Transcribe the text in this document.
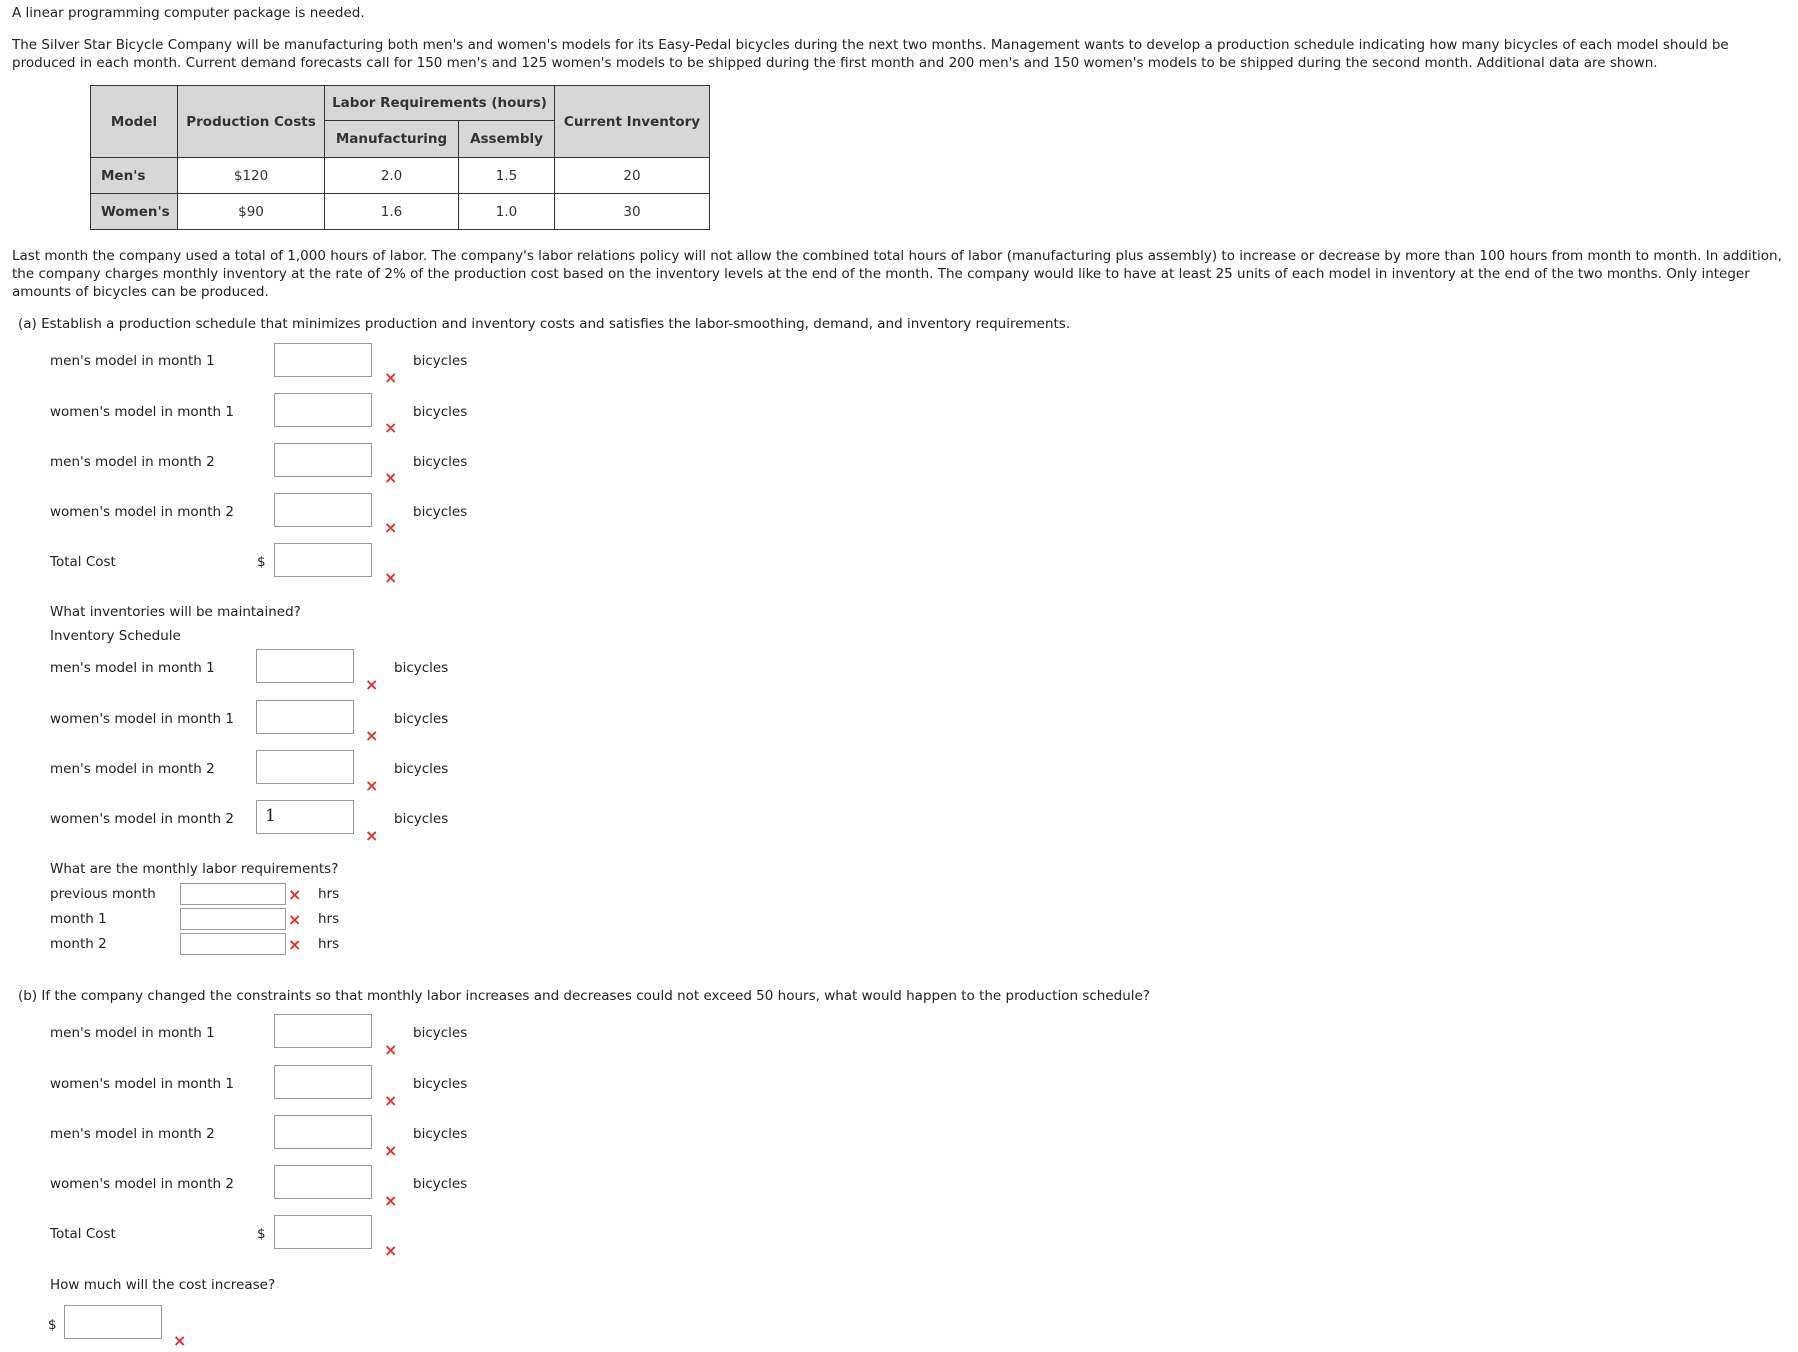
A linear programming computer package is needed.

The Silver Star Bicycle Company will be manufacturing both men's and women's models for its Easy-Pedal bicycles during the next two months. Management wants to develop a production schedule indicating how many bicycles of each model should be produced in each month. Current demand forecasts call for 150 men's and 125 women's models to be shipped during the first month and 200 men's and 150 women's models to be shipped during the second month. Additional data are shown.

Model	Production Costs	Labor Requirements (hours)		Current Inventory
		Manufacturing	Assembly	
Men's	$120	2.0	1.5	20
Women's	$90	1.6	1.0	30

Last month the company used a total of 1,000 hours of labor. The company's labor relations policy will not allow the combined total hours of labor (manufacturing plus assembly) to increase or decrease by more than 100 hours from month to month. In addition, the company charges monthly inventory at the rate of 2% of the production cost based on the inventory levels at the end of the month. The company would like to have at least 25 units of each model in inventory at the end of the two months. Only integer amounts of bicycles can be produced.

(a) Establish a production schedule that minimizes production and inventory costs and satisfies the labor-smoothing, demand, and inventory requirements.
men's model in month 1
×
bicycles
women's model in month 1
×
bicycles
men's model in month 2
×
bicycles
women's model in month 2
×
bicycles
Total Cost	$
×
What inventories will be maintained?
Inventory Schedule
men's model in month 1
×
bicycles
women's model in month 1
×
bicycles
men's model in month 2
×
bicycles
women's model in month 2 1
×
bicycles
What are the monthly labor requirements?
previous month	× hrs
month 1	× hrs
month 2	× hrs
(b) If the company changed the constraints so that monthly labor increases and decreases could not exceed 50 hours, what would happen to the production schedule?
men's model in month 1
×
bicycles
women's model in month 1
×
bicycles
men's model in month 2
×
bicycles
women's model in month 2
×
bicycles
Total Cost	$
×
How much will the cost increase?
$
×
